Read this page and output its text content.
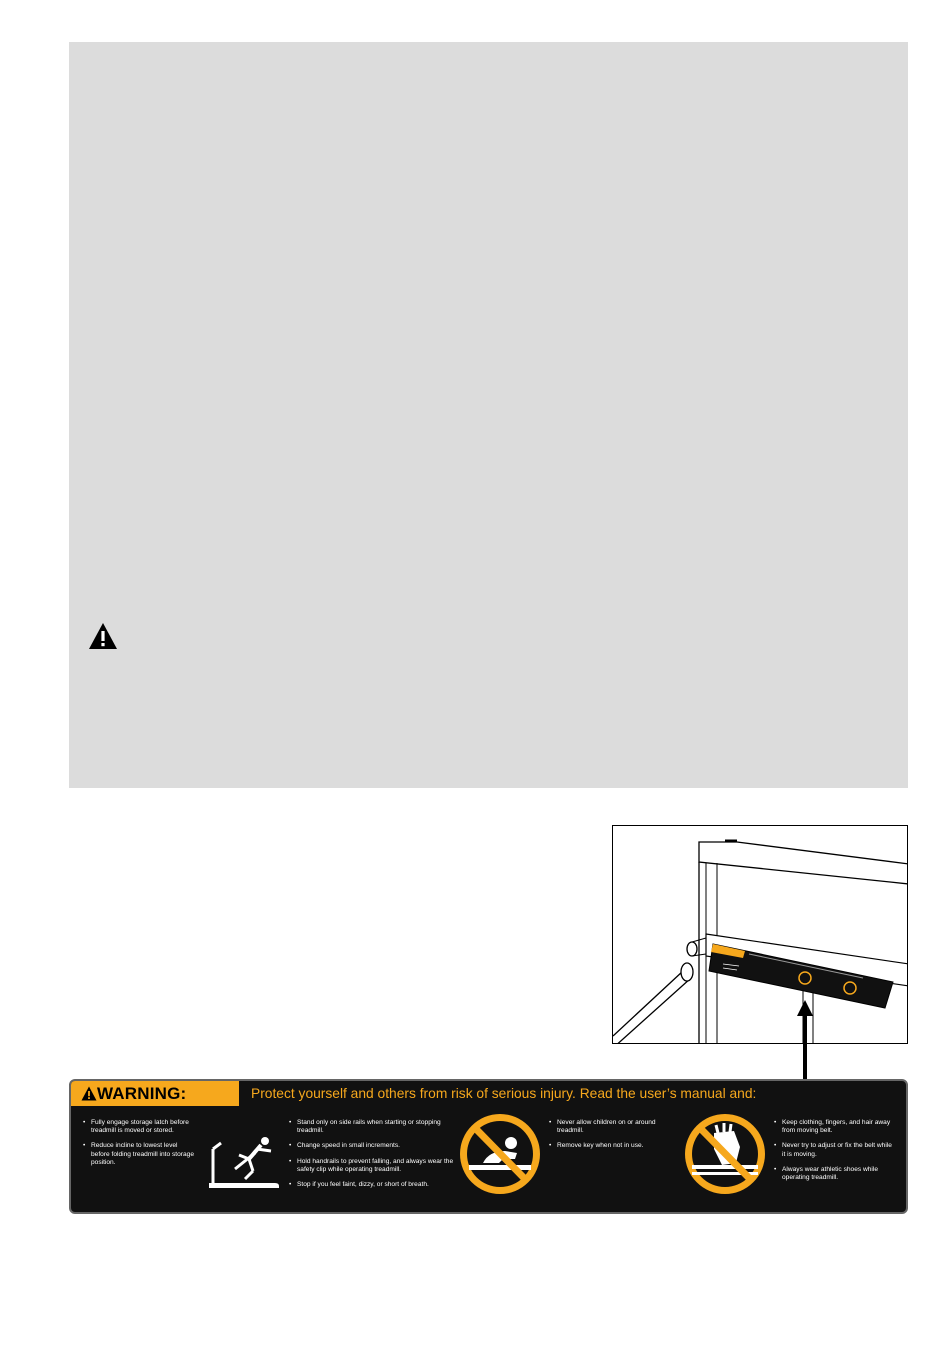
WARNING:	Protect yourself and others from risk of serious injury. Read the user’s manual and:
• Fully engage storage latch before treadmill is moved or stored.
• Reduce incline to lowest level before folding treadmill into storage position.
• Stand only on side rails when starting or stopping treadmill.
• Change speed in small increments.
• Hold handrails to prevent falling, and always wear the safety clip while operating treadmill.
• Stop if you feel faint, dizzy, or short of breath.
• Never allow children on or around treadmill.
• Remove key when not in use.
• Keep clothing, fingers, and hair away from moving belt.
• Never try to adjust or fix the belt while it is moving.
• Always wear athletic shoes while operating treadmill.
